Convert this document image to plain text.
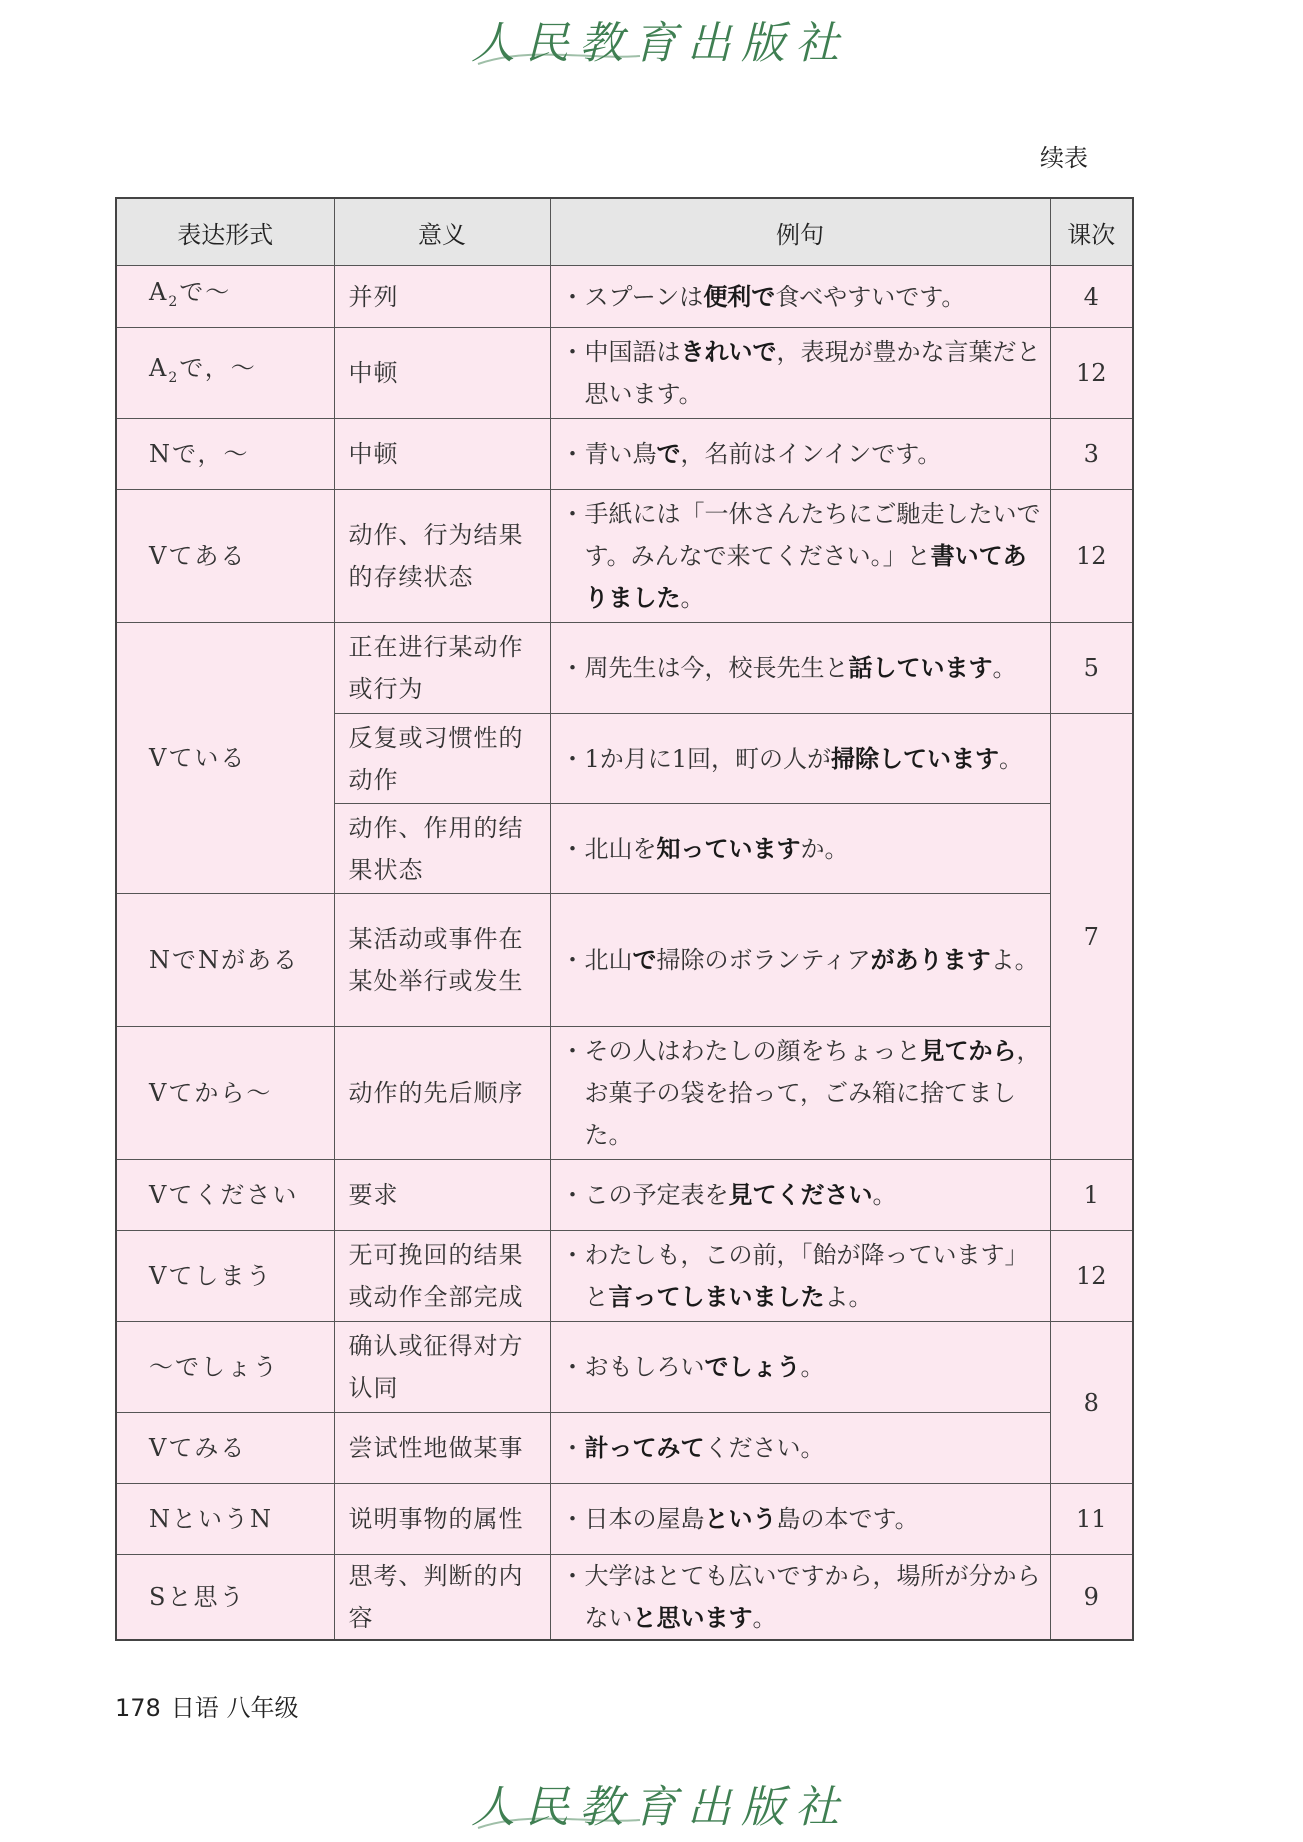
人民教育出版社
续表
表达形式	意义	例句	课次
$A_2$で〜	并列	・スプーンは便利で食べやすいです。	4
$A_2$で，〜	中顿	・中国語はきれいで，表現が豊かな言葉だと思います。	12
Nで，〜	中顿	・青い鳥で，名前はインインです。	3
Vてある	动作、行为结果的存续状态	・手紙には「一休さんたちにご馳走したいです。みんなで来てください。」と書いてありました。	12
Vている	正在进行某动作或行为	・周先生は今，校長先生と話しています。	5
	反复或习惯性的动作	・1か月に1回，町の人が掃除しています。	7
	动作、作用的结果状态	・北山を知っていますか。	

NでNがある	某活动或事件在某处举行或发生	・北山で掃除のボランティアがありますよ。	

Vてから〜	动作的先后顺序	・その人はわたしの顔をちょっと見てから，お菓子の袋を拾って，ごみ箱に捨てました。	

Vてください	要求	・この予定表を見てください。	1
Vてしまう	无可挽回的结果或动作全部完成	・わたしも，この前，「飴が降っています」と言ってしまいましたよ。	12
〜でしょう	确认或征得对方认同	・おもしろいでしょう。	8
Vてみる	尝试性地做某事	・計ってみてください。	

NというN	说明事物的属性	・日本の屋島という島の本です。	11
Sと思う	思考、判断的内容	・大学はとても広いですから，場所が分からないと思います。	9
178 日语 八年级
人民教育出版社
